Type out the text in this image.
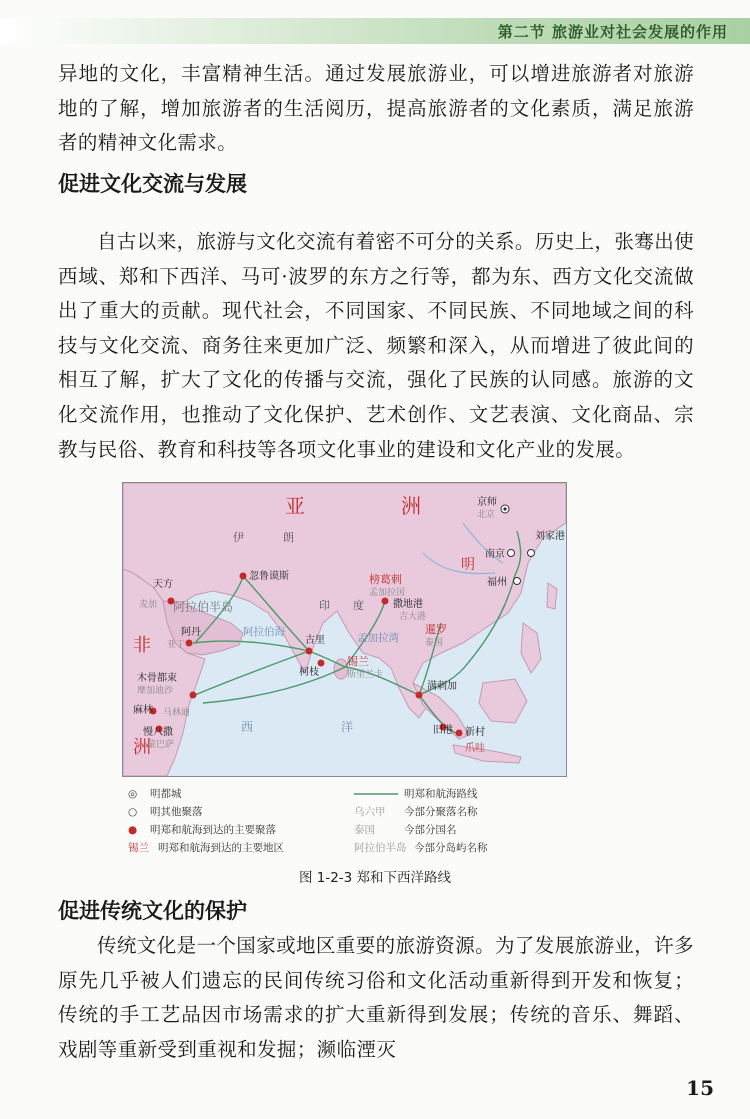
第二节 旅游业对社会发展的作用

异地的文化，丰富精神生活。通过发展旅游业，可以增进旅游者对旅游地的了解，增加旅游者的生活阅历，提高旅游者的文化素质，满足旅游者的精神文化需求。

促进文化交流与发展

自古以来，旅游与文化交流有着密不可分的关系。历史上，张骞出使西域、郑和下西洋、马可·波罗的东方之行等，都为东、西方文化交流做出了重大的贡献。现代社会，不同国家、不同民族、不同地域之间的科技与文化交流、商务往来更加广泛、频繁和深入，从而增进了彼此间的相互了解，扩大了文化的传播与交流，强化了民族的认同感。旅游的文化交流作用，也推动了文化保护、艺术创作、文艺表演、文化商品、宗教与民俗、教育和科技等各项文化事业的建设和文化产业的发展。

亚	洲
非
洲
明
伊	朗
阿拉伯半岛	印 度
阿拉伯海	孟加拉湾
西	洋
京师
北京
南京
刘家港
福州
忽鲁谟斯
天方
麦加
阿丹
亚丁
木骨都束
摩加迪沙
麻林 马林迪
慢八撒
蒙巴萨
古里
柯枝
锡兰
斯里兰卡
榜葛剌
孟加拉国
撒地港
吉大港
暹罗
泰国
满剌加
旧港 新村
爪哇
◎ 明都城
○ 明其他聚落
● 明郑和航海到达的主要聚落
锡兰 明郑和航海到达的主要地区
明郑和航海路线
乌六甲 今部分聚落名称
泰国	今部分国名
阿拉伯半岛 今部分岛屿名称
图 1-2-3 郑和下西洋路线
促进传统文化的保护

传统文化是一个国家或地区重要的旅游资源。为了发展旅游业，许多原先几乎被人们遗忘的民间传统习俗和文化活动重新得到开发和恢复；传统的手工艺品因市场需求的扩大重新得到发展；传统的音乐、舞蹈、戏剧等重新受到重视和发掘；濒临湮灭

15
